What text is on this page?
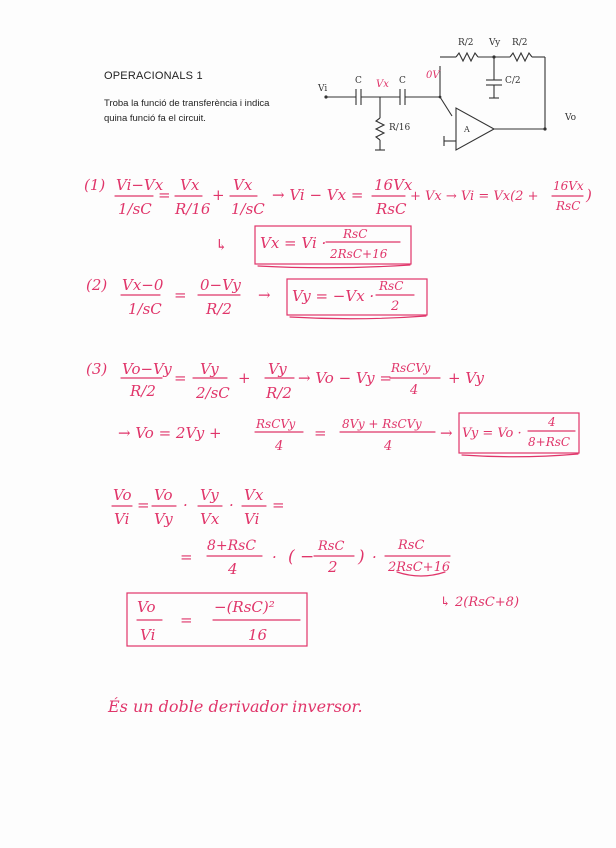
OPERACIONALS 1
Troba la funció de transferència i indica
quina funció fa el circuit.
Vi
C	C	C/2
R/16
R/2 Vy R/2
A
Vo
Vx
0V
(1) Vi−Vx
1/sC
=
Vx
R/16
+
Vx
1/sC
→ Vi − Vx =
16Vx
RsC
+ Vx → Vi = Vx(2 +
16Vx
RsC
)
↳ Vx = Vi · RsC
2RsC+16
(2) Vx−0
1/sC
=
0−Vy
R/2
→ Vy = −Vx ·
RsC
2
(3) Vo−Vy
R/2
= Vy
2/sC
+ Vy
R/2
→ Vo − Vy =
RsCVy
4
+ Vy
→ Vo = 2Vy +	RsCVy
4
= 8Vy + RsCVy
4
→ Vy = Vo ·
4
8+RsC
Vo
Vi
=
Vo
Vy
·
Vy
Vx
·
Vx
Vi
=
=
8+RsC
4
· ( −
RsC
2 ) ·
RsC
2RsC+16
↳ 2(RsC+8)
Vo
Vi
=
−(RsC)²
16
És un doble derivador inversor.
